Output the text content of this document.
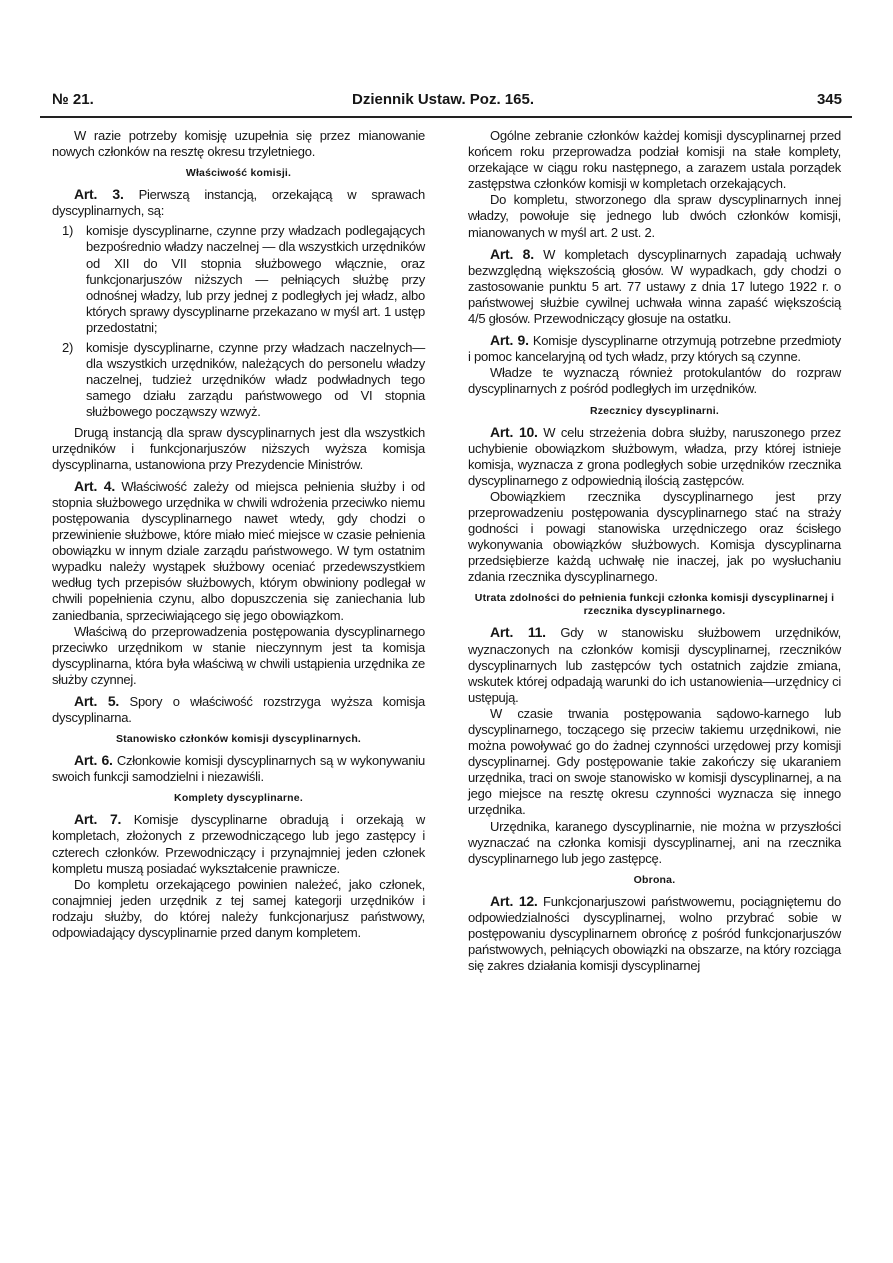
№ 21.	Dziennik Ustaw. Poz. 165.	345

W razie potrzeby komisję uzupełnia się przez mianowanie nowych członków na resztę okresu trzyletniego.

Właściwość komisji.

Art. 3. Pierwszą instancją, orzekającą w sprawach dyscyplinarnych, są:

1) komisje dyscyplinarne, czynne przy władzach podlegających bezpośrednio władzy naczelnej — dla wszystkich urzędników od XII do VII stopnia służbowego włącznie, oraz funkcjonarjuszów niższych — pełniących służbę przy odnośnej władzy, lub przy jednej z podległych jej władz, albo których sprawy dyscyplinarne przekazano w myśl art. 1 ustęp przedostatni;

2) komisje dyscyplinarne, czynne przy władzach naczelnych—dla wszystkich urzędników, należących do personelu władzy naczelnej, tudzież urzędników władz podwładnych tego samego działu zarządu państwowego od VI stopnia służbowego począwszy wzwyż.

Drugą instancją dla spraw dyscyplinarnych jest dla wszystkich urzędników i funkcjonarjuszów niższych wyższa komisja dyscyplinarna, ustanowiona przy Prezydencie Ministrów.

Art. 4. Właściwość zależy od miejsca pełnienia służby i od stopnia służbowego urzędnika w chwili wdrożenia przeciwko niemu postępowania dyscyplinarnego nawet wtedy, gdy chodzi o przewinienie służbowe, które miało mieć miejsce w czasie pełnienia obowiązku w innym dziale zarządu państwowego. W tym ostatnim wypadku należy wystąpek służbowy oceniać przedewszystkiem według tych przepisów służbowych, którym obwiniony podlegał w chwili popełnienia czynu, albo dopuszczenia się zaniechania lub zaniedbania, sprzeciwiającego się jego obowiązkom.

Właściwą do przeprowadzenia postępowania dyscyplinarnego przeciwko urzędnikom w stanie nieczynnym jest ta komisja dyscyplinarna, która była właściwą w chwili ustąpienia urzędnika ze służby czynnej.

Art. 5. Spory o właściwość rozstrzyga wyższa komisja dyscyplinarna.

Stanowisko członków komisji dyscyplinarnych.

Art. 6. Członkowie komisji dyscyplinarnych są w wykonywaniu swoich funkcji samodzielni i niezawiśli.

Komplety dyscyplinarne.

Art. 7. Komisje dyscyplinarne obradują i orzekają w kompletach, złożonych z przewodniczącego lub jego zastępcy i czterech członków. Przewodniczący i przynajmniej jeden członek kompletu muszą posiadać wykształcenie prawnicze.

Do kompletu orzekającego powinien należeć, jako członek, conajmniej jeden urzędnik z tej samej kategorji urzędników i rodzaju służby, do której należy funkcjonarjusz państwowy, odpowiadający dyscyplinarnie przed danym kompletem.

Ogólne zebranie członków każdej komisji dyscyplinarnej przed końcem roku przeprowadza podział komisji na stałe komplety, orzekające w ciągu roku następnego, a zarazem ustala porządek zastępstwa członków komisji w kompletach orzekających.

Do kompletu, stworzonego dla spraw dyscyplinarnych innej władzy, powołuje się jednego lub dwóch członków komisji, mianowanych w myśl art. 2 ust. 2.

Art. 8. W kompletach dyscyplinarnych zapadają uchwały bezwzględną większością głosów. W wypadkach, gdy chodzi o zastosowanie punktu 5 art. 77 ustawy z dnia 17 lutego 1922 r. o państwowej służbie cywilnej uchwała winna zapaść większością 4/5 głosów. Przewodniczący głosuje na ostatku.

Art. 9. Komisje dyscyplinarne otrzymują potrzebne przedmioty i pomoc kancelaryjną od tych władz, przy których są czynne.

Władze te wyznaczą również protokulantów do rozpraw dyscyplinarnych z pośród podległych im urzędników.

Rzecznicy dyscyplinarni.

Art. 10. W celu strzeżenia dobra służby, naruszonego przez uchybienie obowiązkom służbowym, władza, przy której istnieje komisja, wyznacza z grona podległych sobie urzędników rzecznika dyscyplinarnego z odpowiednią ilością zastępców.

Obowiązkiem rzecznika dyscyplinarnego jest przy przeprowadzeniu postępowania dyscyplinarnego stać na straży godności i powagi stanowiska urzędniczego oraz ścisłego wykonywania obowiązków służbowych. Komisja dyscyplinarna przedsiębierze każdą uchwałę nie inaczej, jak po wysłuchaniu zdania rzecznika dyscyplinarnego.

Utrata zdolności do pełnienia funkcji członka komisji dyscyplinarnej i rzecznika dyscyplinarnego.

Art. 11. Gdy w stanowisku służbowem urzędników, wyznaczonych na członków komisji dyscyplinarnej, rzeczników dyscyplinarnych lub zastępców tych ostatnich zajdzie zmiana, wskutek której odpadają warunki do ich ustanowienia—urzędnicy ci ustępują.

W czasie trwania postępowania sądowo-karnego lub dyscyplinarnego, toczącego się przeciw takiemu urzędnikowi, nie można powoływać go do żadnej czynności urzędowej przy komisji dyscyplinarnej. Gdy postępowanie takie zakończy się ukaraniem urzędnika, traci on swoje stanowisko w komisji dyscyplinarnej, a na jego miejsce na resztę okresu czynności wyznacza się innego urzędnika.

Urzędnika, karanego dyscyplinarnie, nie można w przyszłości wyznaczać na członka komisji dyscyplinarnej, ani na rzecznika dyscyplinarnego lub jego zastępcę.

Obrona.

Art. 12. Funkcjonarjuszowi państwowemu, pociągniętemu do odpowiedzialności dyscyplinarnej, wolno przybrać sobie w postępowaniu dyscyplinarnem obrońcę z pośród funkcjonarjuszów państwowych, pełniących obowiązki na obszarze, na który rozciąga się zakres działania komisji dyscyplinarnej
